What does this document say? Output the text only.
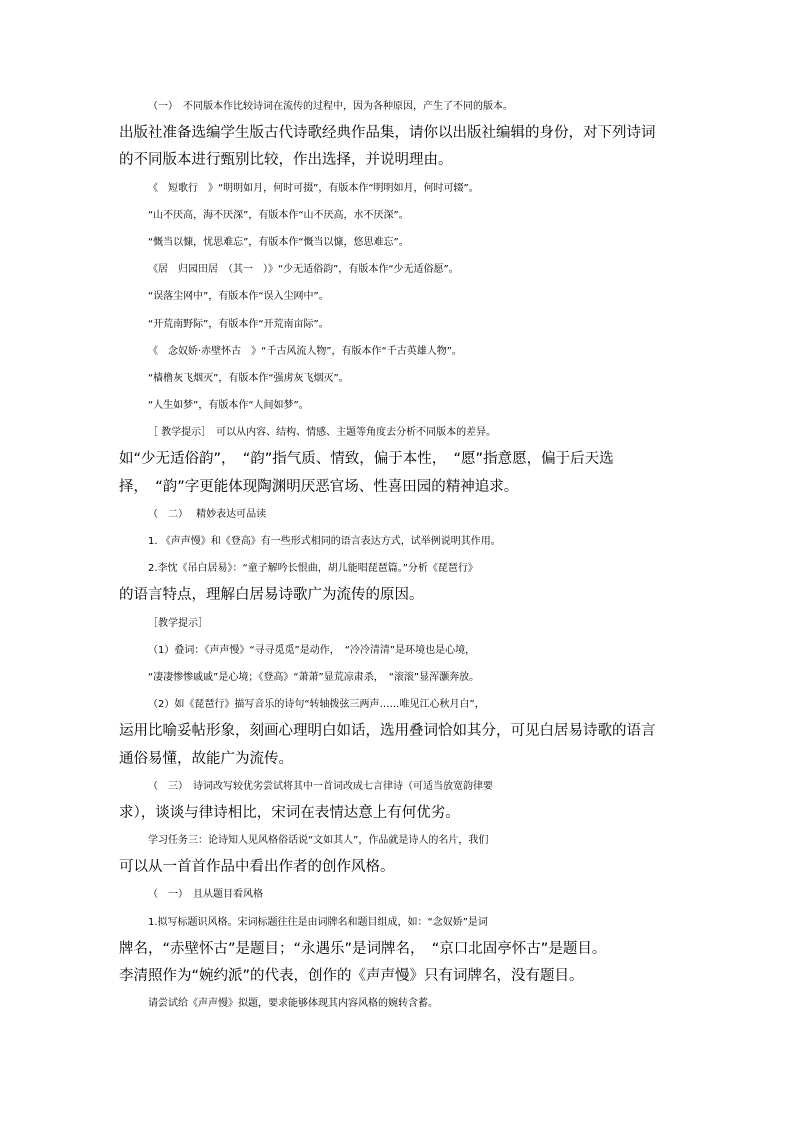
（一）　不同版本作比较诗词在流传的过程中，因为各种原因，产生了不同的版本。
出版社准备选编学生版古代诗歌经典作品集，请你以出版社编辑的身份，对下列诗词
的不同版本进行甄别比较，作出选择，并说明理由。
《　短歌行　》“明明如月，何时可掇”，有版本作“明明如月，何时可辍”。
“山不厌高，海不厌深”，有版本作“山不厌高，水不厌深”。
“慨当以慷，忧思难忘”，有版本作“慨当以慷，悠思难忘”。
《居　归园田居　（其一　）》“少无适俗韵”，有版本作“少无适俗愿”。
“误落尘网中”，有版本作“误入尘网中”。
“开荒南野际”，有版本作“开荒南亩际”。
《　念奴娇·赤壁怀古　》“千古风流人物”，有版本作“千古英雄人物”。
“樯橹灰飞烟灭”，有版本作“强虏灰飞烟灭”。
“人生如梦”，有版本作“人间如梦”。
［ 教学提示］　可以从内容、结构、情感、主题等角度去分析不同版本的差异。
如“少无适俗韵”，　“韵”指气质、情致，偏于本性，　“愿”指意愿，偏于后天选
择，　“韵”字更能体现陶渊明厌恶官场、性喜田园的精神追求。
（　二）　 精妙表达可品读
1. 《声声慢》和《登高》有一些形式相同的语言表达方式，试举例说明其作用。
2.李忱《吊白居易》：“童子解吟长恨曲，胡儿能唱琵琶篇。”分析《琵琶行》
的语言特点，理解白居易诗歌广为流传的原因。
［教学提示］
（1）叠词：《声声慢》“寻寻觅觅”是动作，　“冷冷清清”是环境也是心境，
“凄凄惨惨戚戚”是心境；《登高》“萧萧”显荒凉肃杀，　“滚滚”显浑灏奔放。
（2）如《琵琶行》描写音乐的诗句“转轴拨弦三两声……唯见江心秋月白”，
运用比喻妥帖形象，刻画心理明白如话，选用叠词恰如其分，可见白居易诗歌的语言
通俗易懂，故能广为流传。
（　三）　诗词改写较优劣尝试将其中一首词改成七言律诗（可适当放宽韵律要
求），谈谈与律诗相比，宋词在表情达意上有何优劣。
学习任务三：论诗知人见风格俗话说“文如其人”，作品就是诗人的名片，我们
可以从一首首作品中看出作者的创作风格。
（　一）　且从题目看风格
1.拟写标题识风格。宋词标题往往是由词牌名和题目组成，如：“念奴娇”是词
牌名，“赤壁怀古”是题目；“永遇乐”是词牌名，　“京口北固亭怀古”是题目。
李清照作为“婉约派”的代表，创作的《声声慢》只有词牌名，没有题目。
请尝试给《声声慢》拟题，要求能够体现其内容风格的婉转含蓄。
